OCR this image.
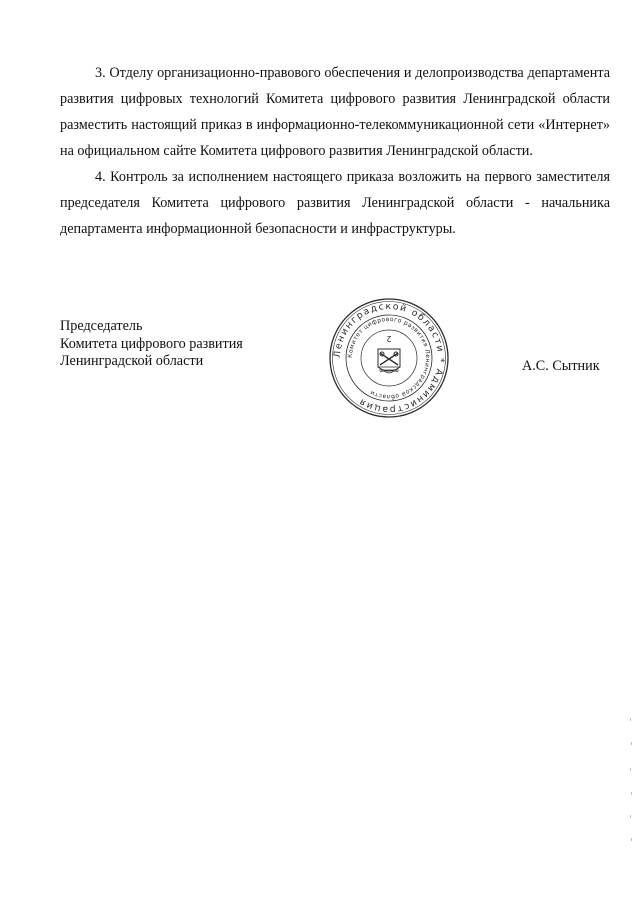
3. Отделу организационно-правового обеспечения и делопроизводства департамента развития цифровых технологий Комитета цифрового развития Ленинградской области разместить настоящий приказ в информационно-телекоммуникационной сети «Интернет» на официальном сайте Комитета цифрового развития Ленинградской области.

4. Контроль за исполнением настоящего приказа возложить на первого заместителя председателя Комитета цифрового развития Ленинградской области - начальника департамента информационной безопасности и инфраструктуры.

Председатель
Комитета цифрового развития
Ленинградской области	Ленинградской области * Администрация
Комитет цифрового развития Ленинградской области
2
А.С. Сытник
